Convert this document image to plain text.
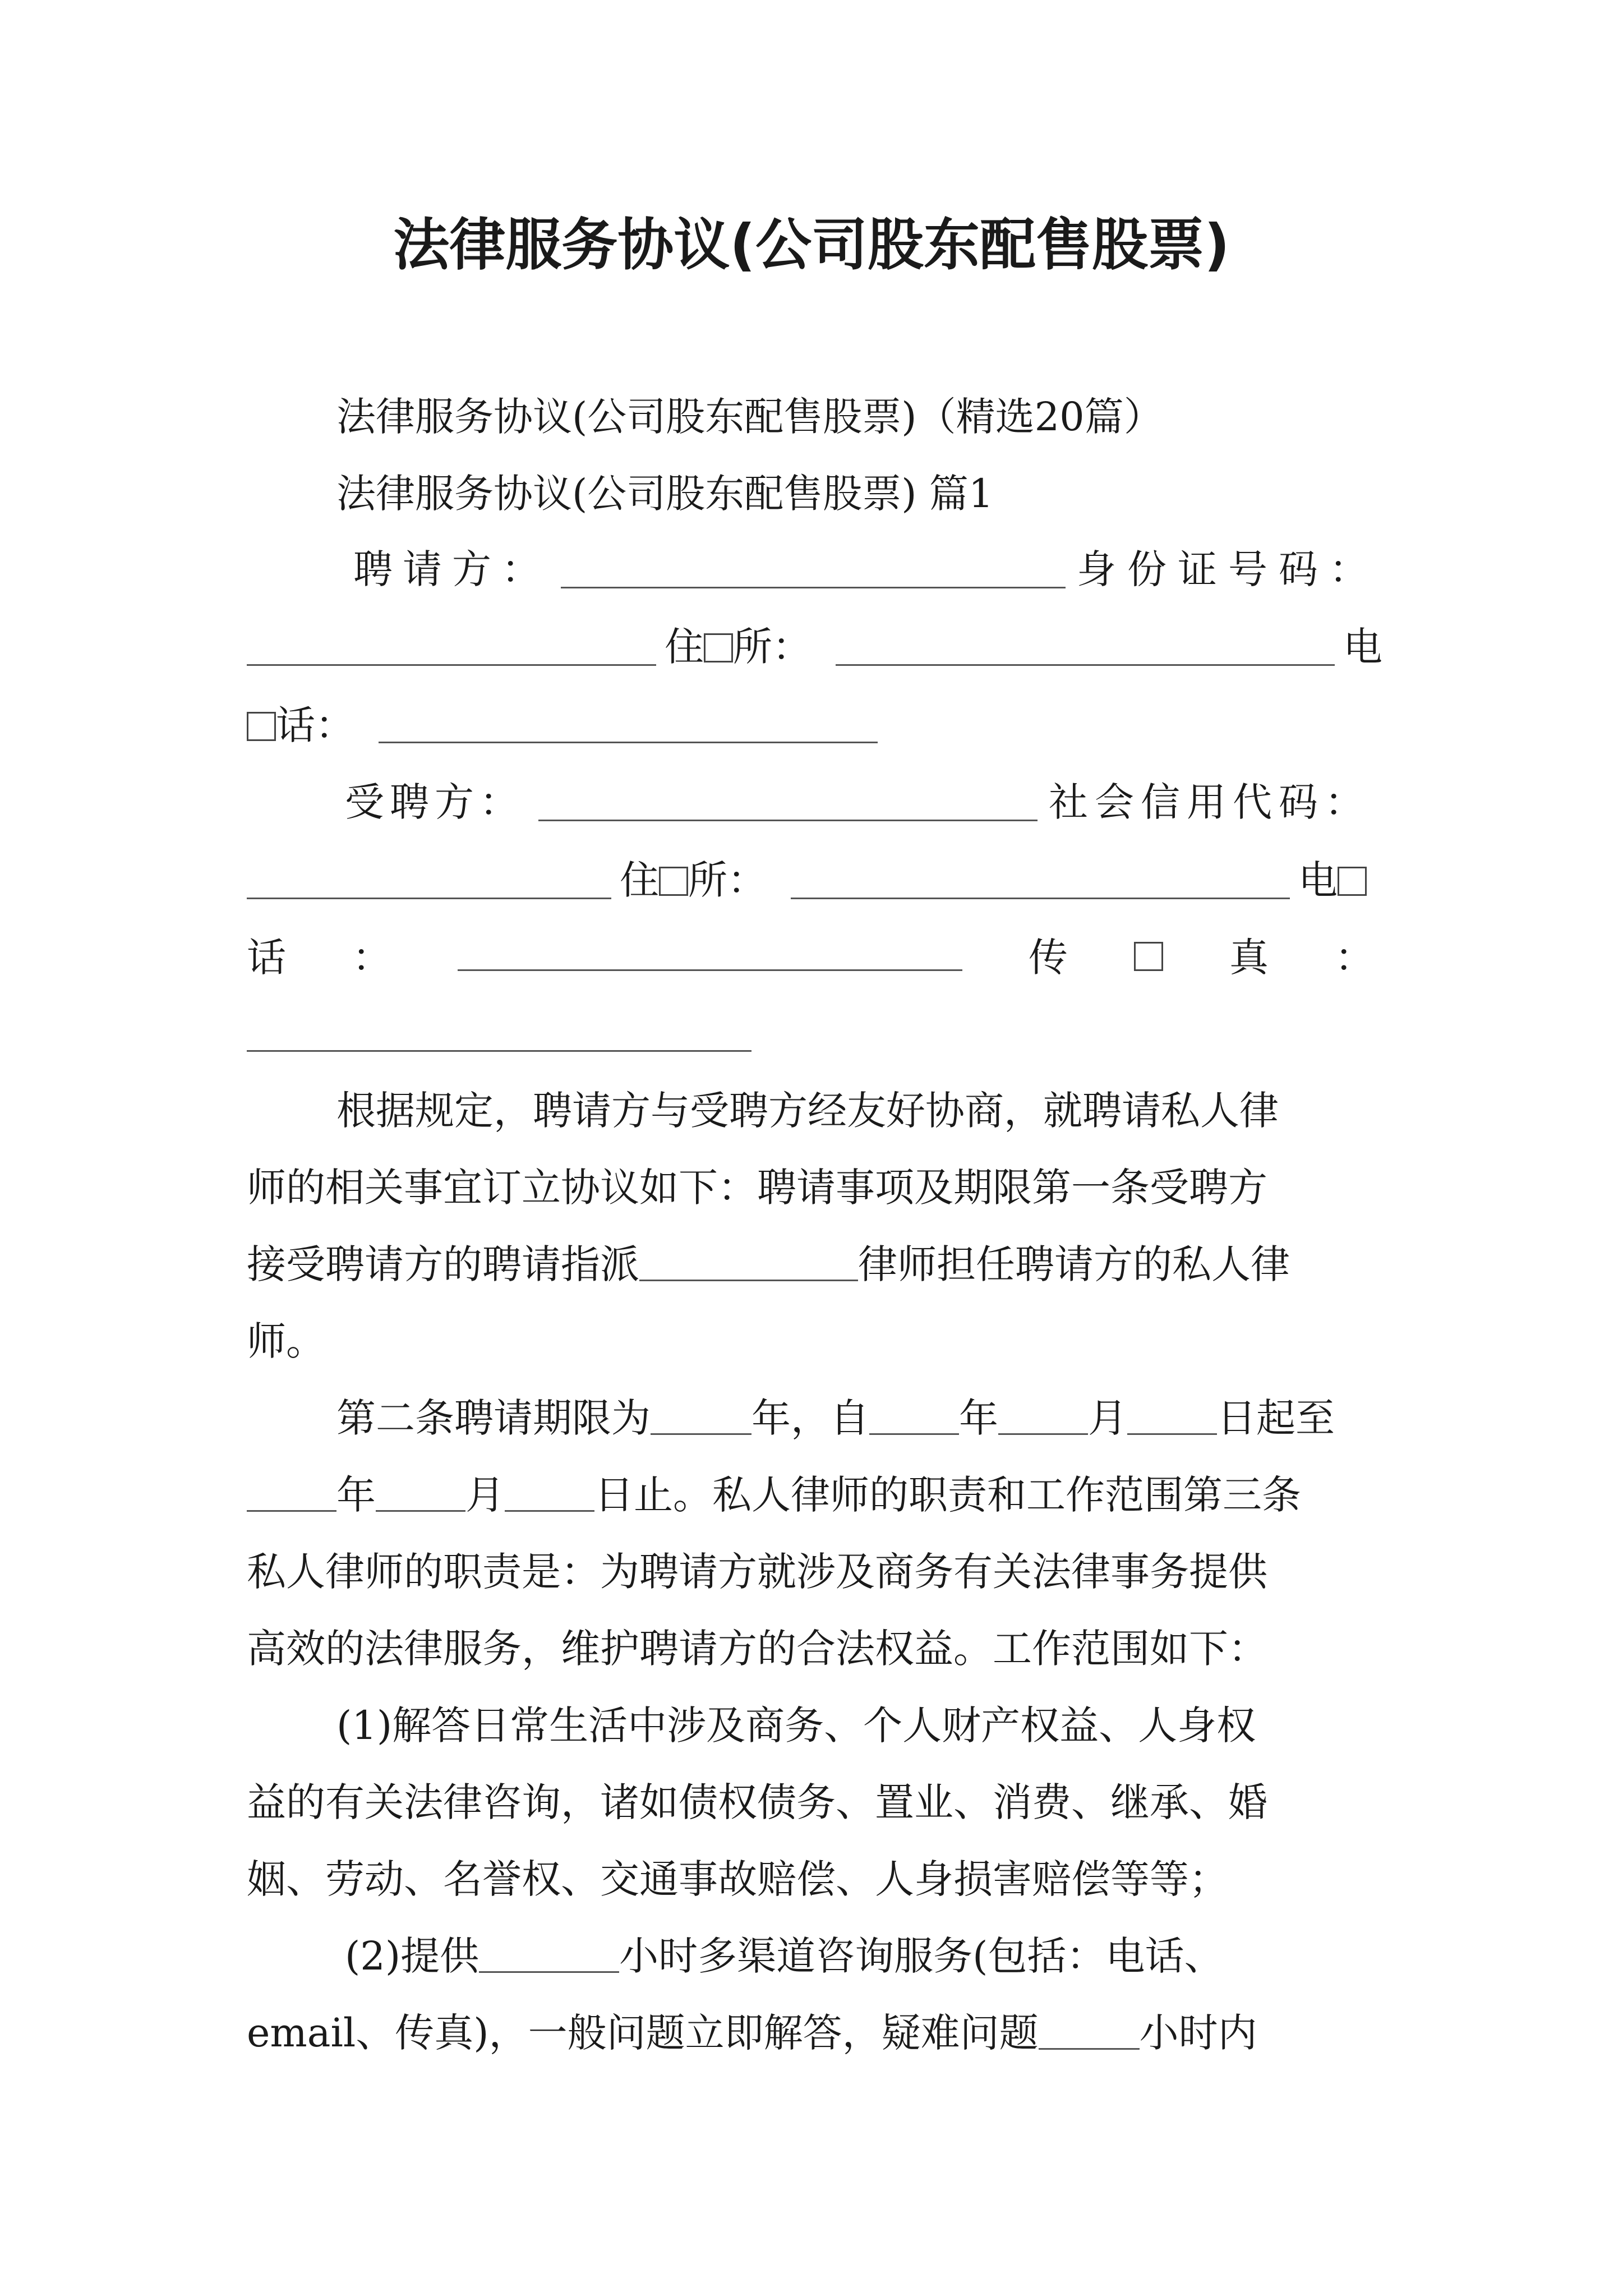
法律服务协议(公司股东配售股票)
法律服务协议(公司股东配售股票)（精选20篇）
法律服务协议(公司股东配售股票) 篇1
聘请方：	身份证号码：
住 所：	电
话：
受聘方：	社会信用代码：
住 所：	电
话 ：	传	真 ：
根据规定，聘请方与受聘方经友好协商，就聘请私人律
师的相关事宜订立协议如下：聘请事项及期限第一条受聘方
接受聘请方的聘请指派	律师担任聘请方的私人律
师。
第二条聘请期限为	年，自 年 月 日起至
年 月 日止。私人律师的职责和工作范围第三条
私人律师的职责是：为聘请方就涉及商务有关法律事务提供
高效的法律服务，维护聘请方的合法权益。工作范围如下：
(1)解答日常生活中涉及商务、个人财产权益、人身权
益的有关法律咨询，诸如债权债务、置业、消费、继承、婚
姻、劳动、名誉权、交通事故赔偿、人身损害赔偿等等；
(2)提供	小时多渠道咨询服务(包括：电话、
email、传真)，一般问题立即解答，疑难问题	小时内
